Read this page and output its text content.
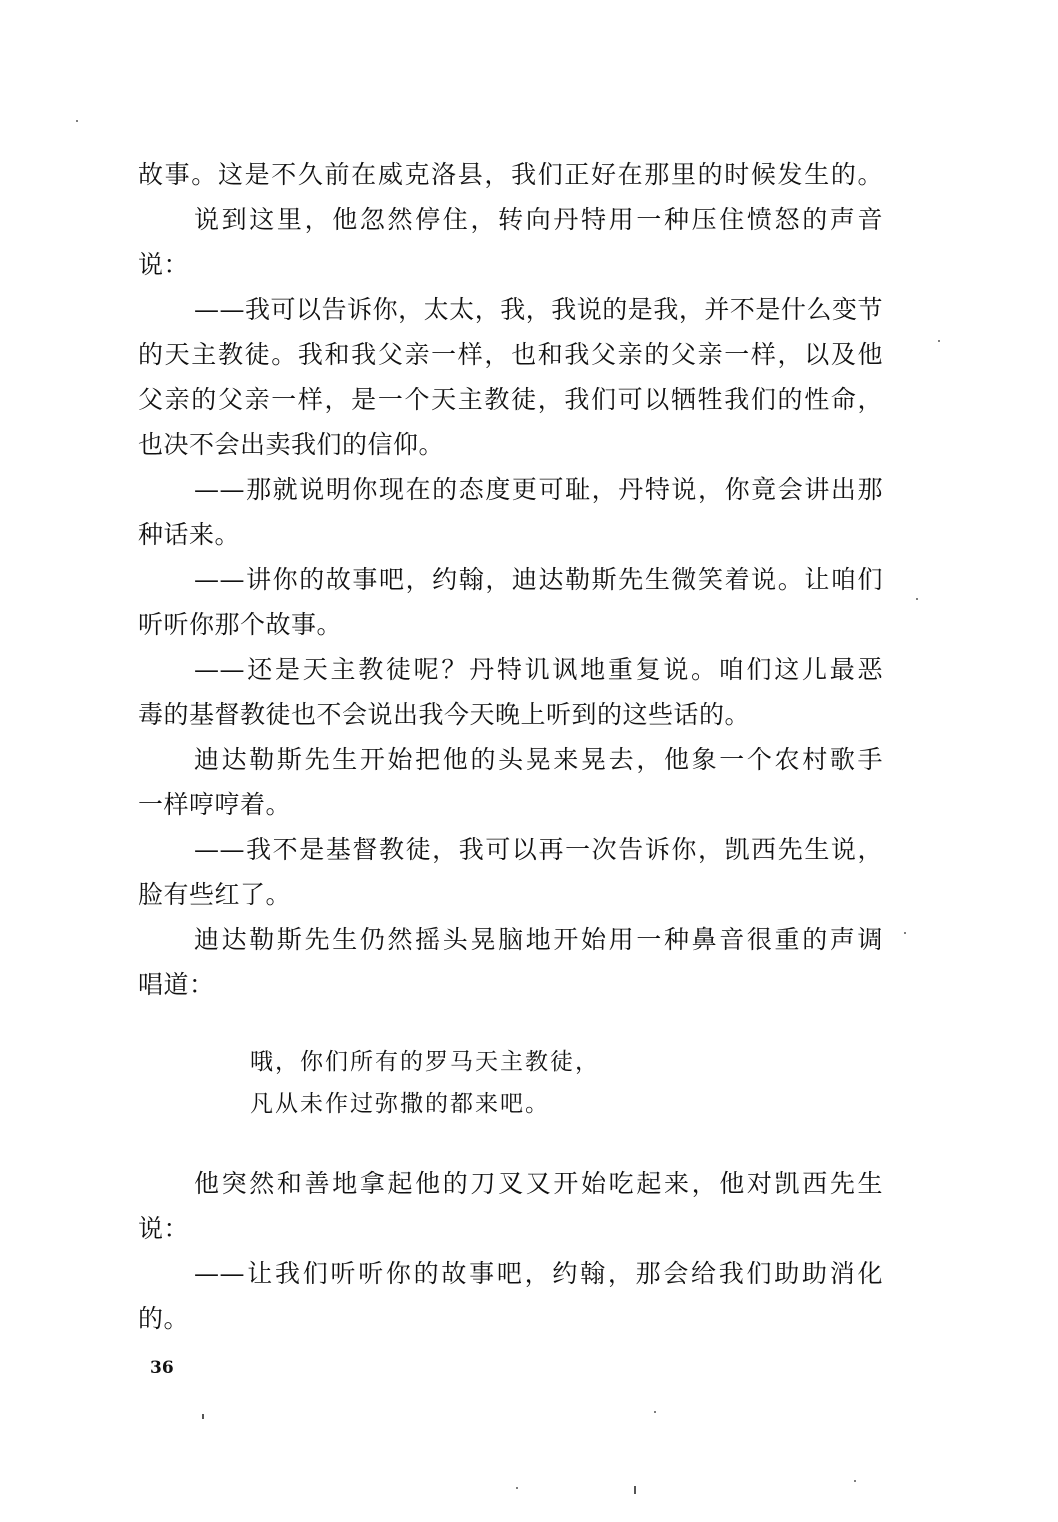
故事。这是不久前在威克洛县，我们正好在那里的时候发生的。
说到这里，他忽然停住，转向丹特用一种压住愤怒的声音
说：
——我可以告诉你，太太，我，我说的是我，并不是什么变节
的天主教徒。我和我父亲一样，也和我父亲的父亲一样，以及他
父亲的父亲一样，是一个天主教徒，我们可以牺牲我们的性命，
也决不会出卖我们的信仰。
——那就说明你现在的态度更可耻，丹特说，你竟会讲出那
种话来。
——讲你的故事吧，约翰，迪达勒斯先生微笑着说。让咱们
听听你那个故事。
——还是天主教徒呢？丹特讥讽地重复说。咱们这儿最恶
毒的基督教徒也不会说出我今天晚上听到的这些话的。
迪达勒斯先生开始把他的头晃来晃去，他象一个农村歌手
一样哼哼着。
——我不是基督教徒，我可以再一次告诉你，凯西先生说，
脸有些红了。
迪达勒斯先生仍然摇头晃脑地开始用一种鼻音很重的声调
唱道：
哦，你们所有的罗马天主教徒，
凡从未作过弥撒的都来吧。
他突然和善地拿起他的刀叉又开始吃起来，他对凯西先生
说：
——让我们听听你的故事吧，约翰，那会给我们助助消化
的。
36
